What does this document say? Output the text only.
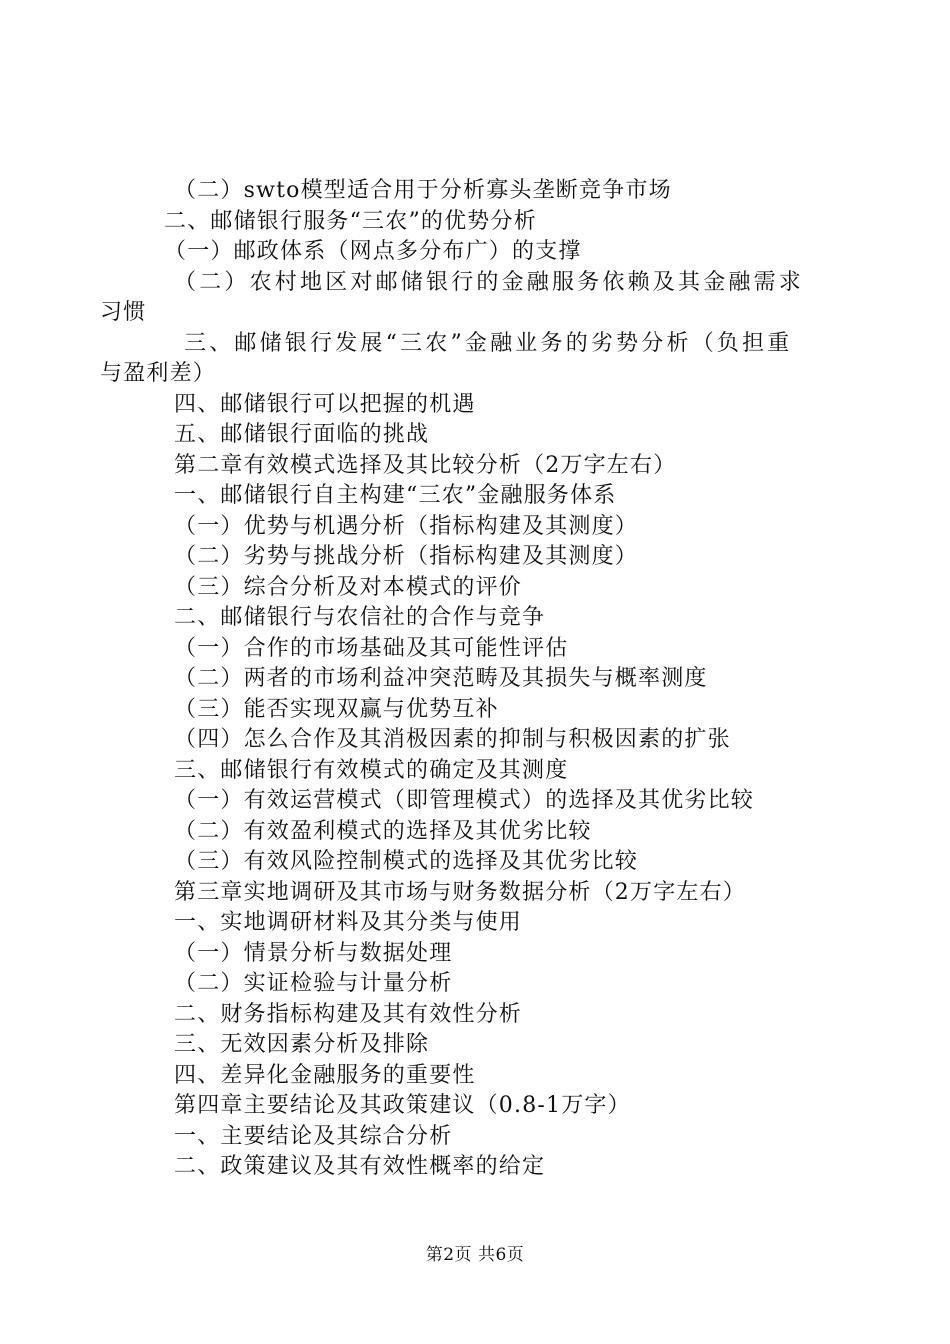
（二）swto模型适合用于分析寡头垄断竞争市场
二、邮储银行服务“三农”的优势分析
（一）邮政体系（网点多分布广）的支撑
（二）农村地区对邮储银行的金融服务依赖及其金融需求
习惯
三、邮储银行发展“三农”金融业务的劣势分析（负担重
与盈利差）
四、邮储银行可以把握的机遇
五、邮储银行面临的挑战
第二章有效模式选择及其比较分析（2万字左右）
一、邮储银行自主构建“三农”金融服务体系
（一）优势与机遇分析（指标构建及其测度）
（二）劣势与挑战分析（指标构建及其测度）
（三）综合分析及对本模式的评价
二、邮储银行与农信社的合作与竞争
（一）合作的市场基础及其可能性评估
（二）两者的市场利益冲突范畴及其损失与概率测度
（三）能否实现双赢与优势互补
（四）怎么合作及其消极因素的抑制与积极因素的扩张
三、邮储银行有效模式的确定及其测度
（一）有效运营模式（即管理模式）的选择及其优劣比较
（二）有效盈利模式的选择及其优劣比较
（三）有效风险控制模式的选择及其优劣比较
第三章实地调研及其市场与财务数据分析（2万字左右）
一、实地调研材料及其分类与使用
（一）情景分析与数据处理
（二）实证检验与计量分析
二、财务指标构建及其有效性分析
三、无效因素分析及排除
四、差异化金融服务的重要性
第四章主要结论及其政策建议（0.8-1万字）
一、主要结论及其综合分析
二、政策建议及其有效性概率的给定
第2页 共6页
